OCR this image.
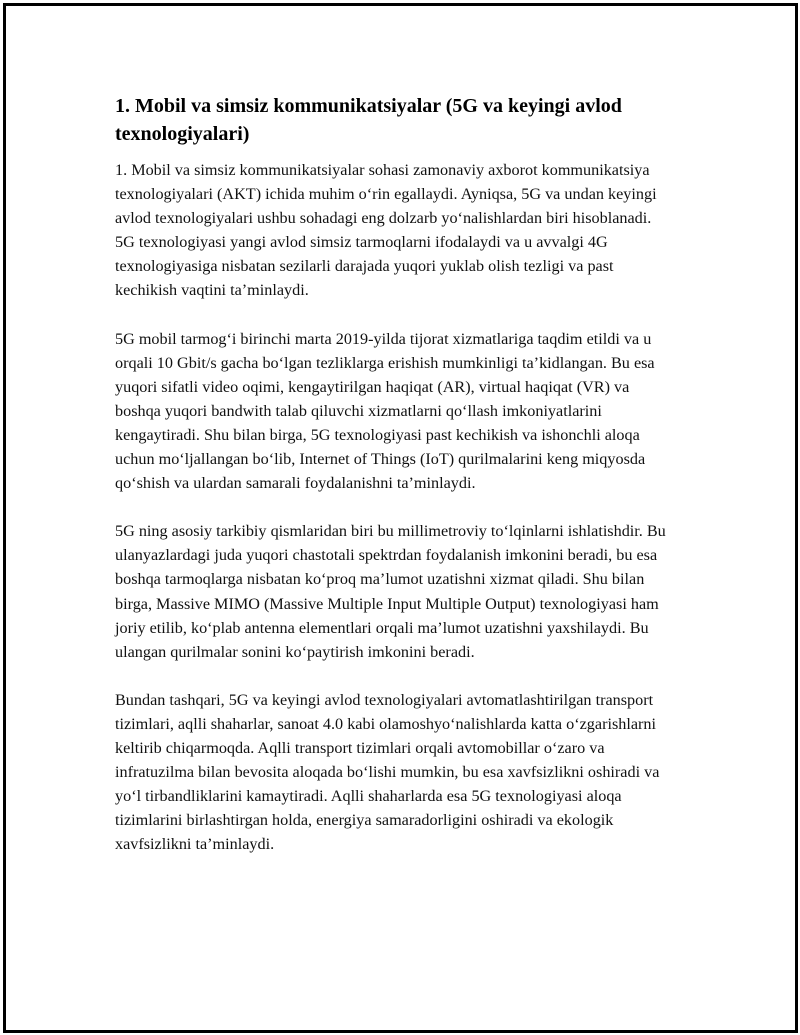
1. Mobil va simsiz kommunikatsiyalar (5G va keyingi avlod texnologiyalari)

1. Mobil va simsiz kommunikatsiyalar sohasi zamonaviy axborot kommunikatsiya texnologiyalari (AKT) ichida muhim o‘rin egallaydi. Ayniqsa, 5G va undan keyingi avlod texnologiyalari ushbu sohadagi eng dolzarb yo‘nalishlardan biri hisoblanadi. 5G texnologiyasi yangi avlod simsiz tarmoqlarni ifodalaydi va u avvalgi 4G texnologiyasiga nisbatan sezilarli darajada yuqori yuklab olish tezligi va past kechikish vaqtini ta’minlaydi.

5G mobil tarmog‘i birinchi marta 2019-yilda tijorat xizmatlariga taqdim etildi va u orqali 10 Gbit/s gacha bo‘lgan tezliklarga erishish mumkinligi ta’kidlangan. Bu esa yuqori sifatli video oqimi, kengaytirilgan haqiqat (AR), virtual haqiqat (VR) va boshqa yuqori bandwith talab qiluvchi xizmatlarni qo‘llash imkoniyatlarini kengaytiradi. Shu bilan birga, 5G texnologiyasi past kechikish va ishonchli aloqa uchun mo‘ljallangan bo‘lib, Internet of Things (IoT) qurilmalarini keng miqyosda qo‘shish va ulardan samarali foydalanishni ta’minlaydi.

5G ning asosiy tarkibiy qismlaridan biri bu millimetroviy to‘lqinlarni ishlatishdir. Bu ulanyazlardagi juda yuqori chastotali spektrdan foydalanish imkonini beradi, bu esa boshqa tarmoqlarga nisbatan ko‘proq ma’lumot uzatishni xizmat qiladi. Shu bilan birga, Massive MIMO (Massive Multiple Input Multiple Output) texnologiyasi ham joriy etilib, ko‘plab antenna elementlari orqali ma’lumot uzatishni yaxshilaydi. Bu ulangan qurilmalar sonini ko‘paytirish imkonini beradi.

Bundan tashqari, 5G va keyingi avlod texnologiyalari avtomatlashtirilgan transport tizimlari, aqlli shaharlar, sanoat 4.0 kabi olamoshyo‘nalishlarda katta o‘zgarishlarni keltirib chiqarmoqda. Aqlli transport tizimlari orqali avtomobillar o‘zaro va infratuzilma bilan bevosita aloqada bo‘lishi mumkin, bu esa xavfsizlikni oshiradi va yo‘l tirbandliklarini kamaytiradi. Aqlli shaharlarda esa 5G texnologiyasi aloqa tizimlarini birlashtirgan holda, energiya samaradorligini oshiradi va ekologik xavfsizlikni ta’minlaydi.
